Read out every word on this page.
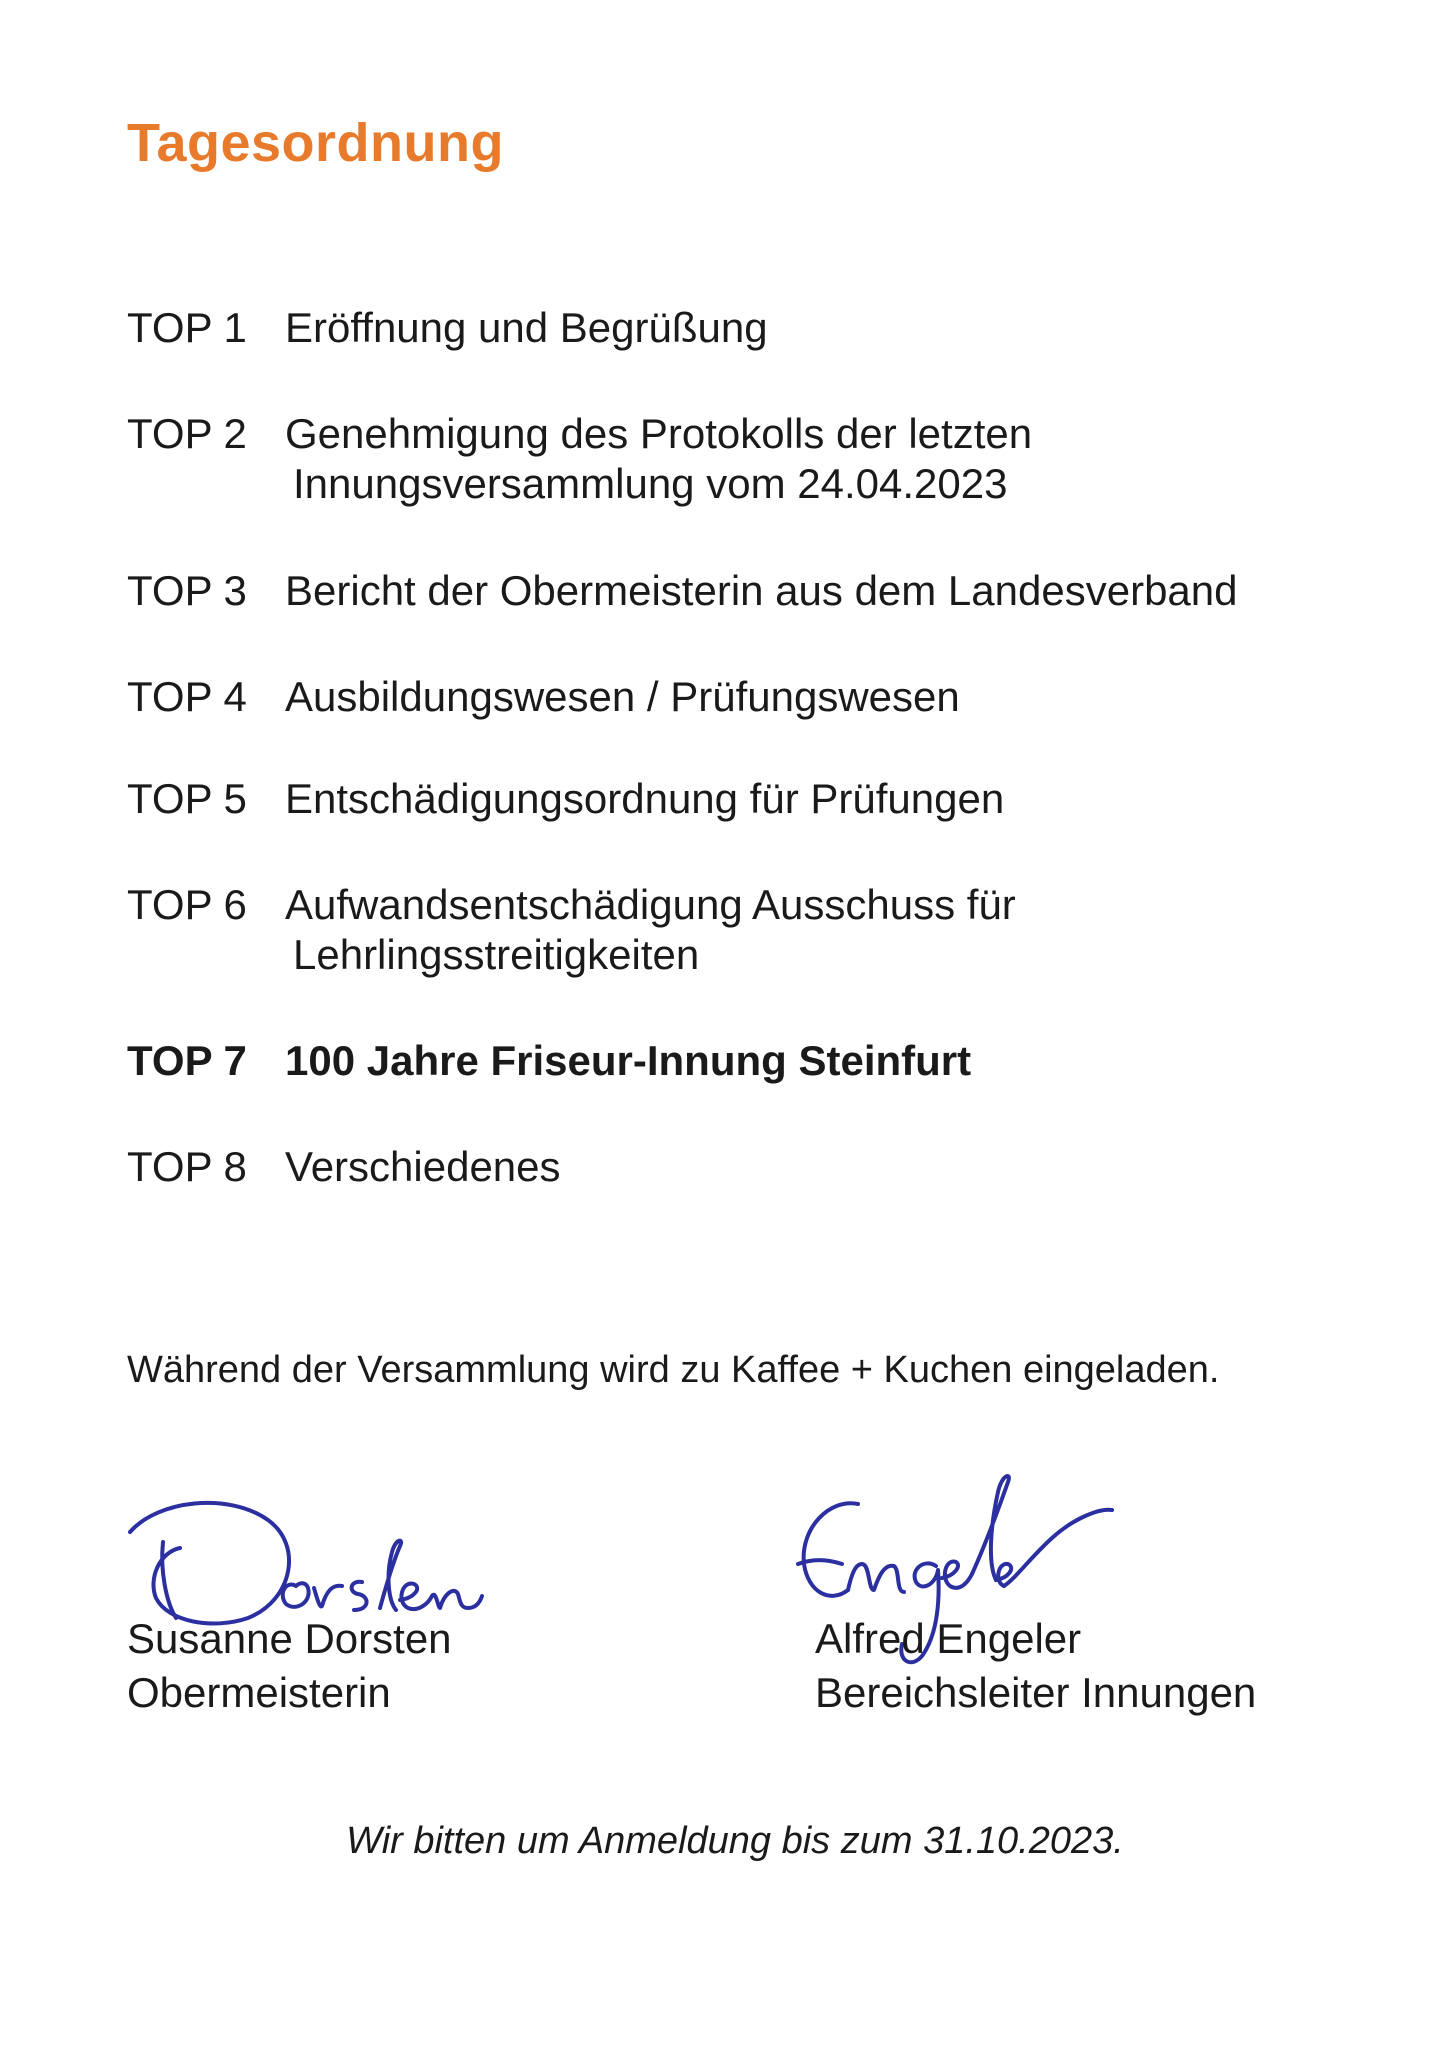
Tagesordnung
TOP 1 Eröffnung und Begrüßung
TOP 2 Genehmigung des Protokolls der letzten
Innungsversammlung vom 24.04.2023
TOP 3 Bericht der Obermeisterin aus dem Landesverband
TOP 4 Ausbildungswesen / Prüfungswesen
TOP 5 Entschädigungsordnung für Prüfungen
TOP 6 Aufwandsentschädigung Ausschuss für
Lehrlingsstreitigkeiten
TOP 7 100 Jahre Friseur-Innung Steinfurt
TOP 8 Verschiedenes
Während der Versammlung wird zu Kaffee + Kuchen eingeladen.
Susanne Dorsten
Obermeisterin
Alfred Engeler
Bereichsleiter Innungen
Wir bitten um Anmeldung bis zum 31.10.2023.
